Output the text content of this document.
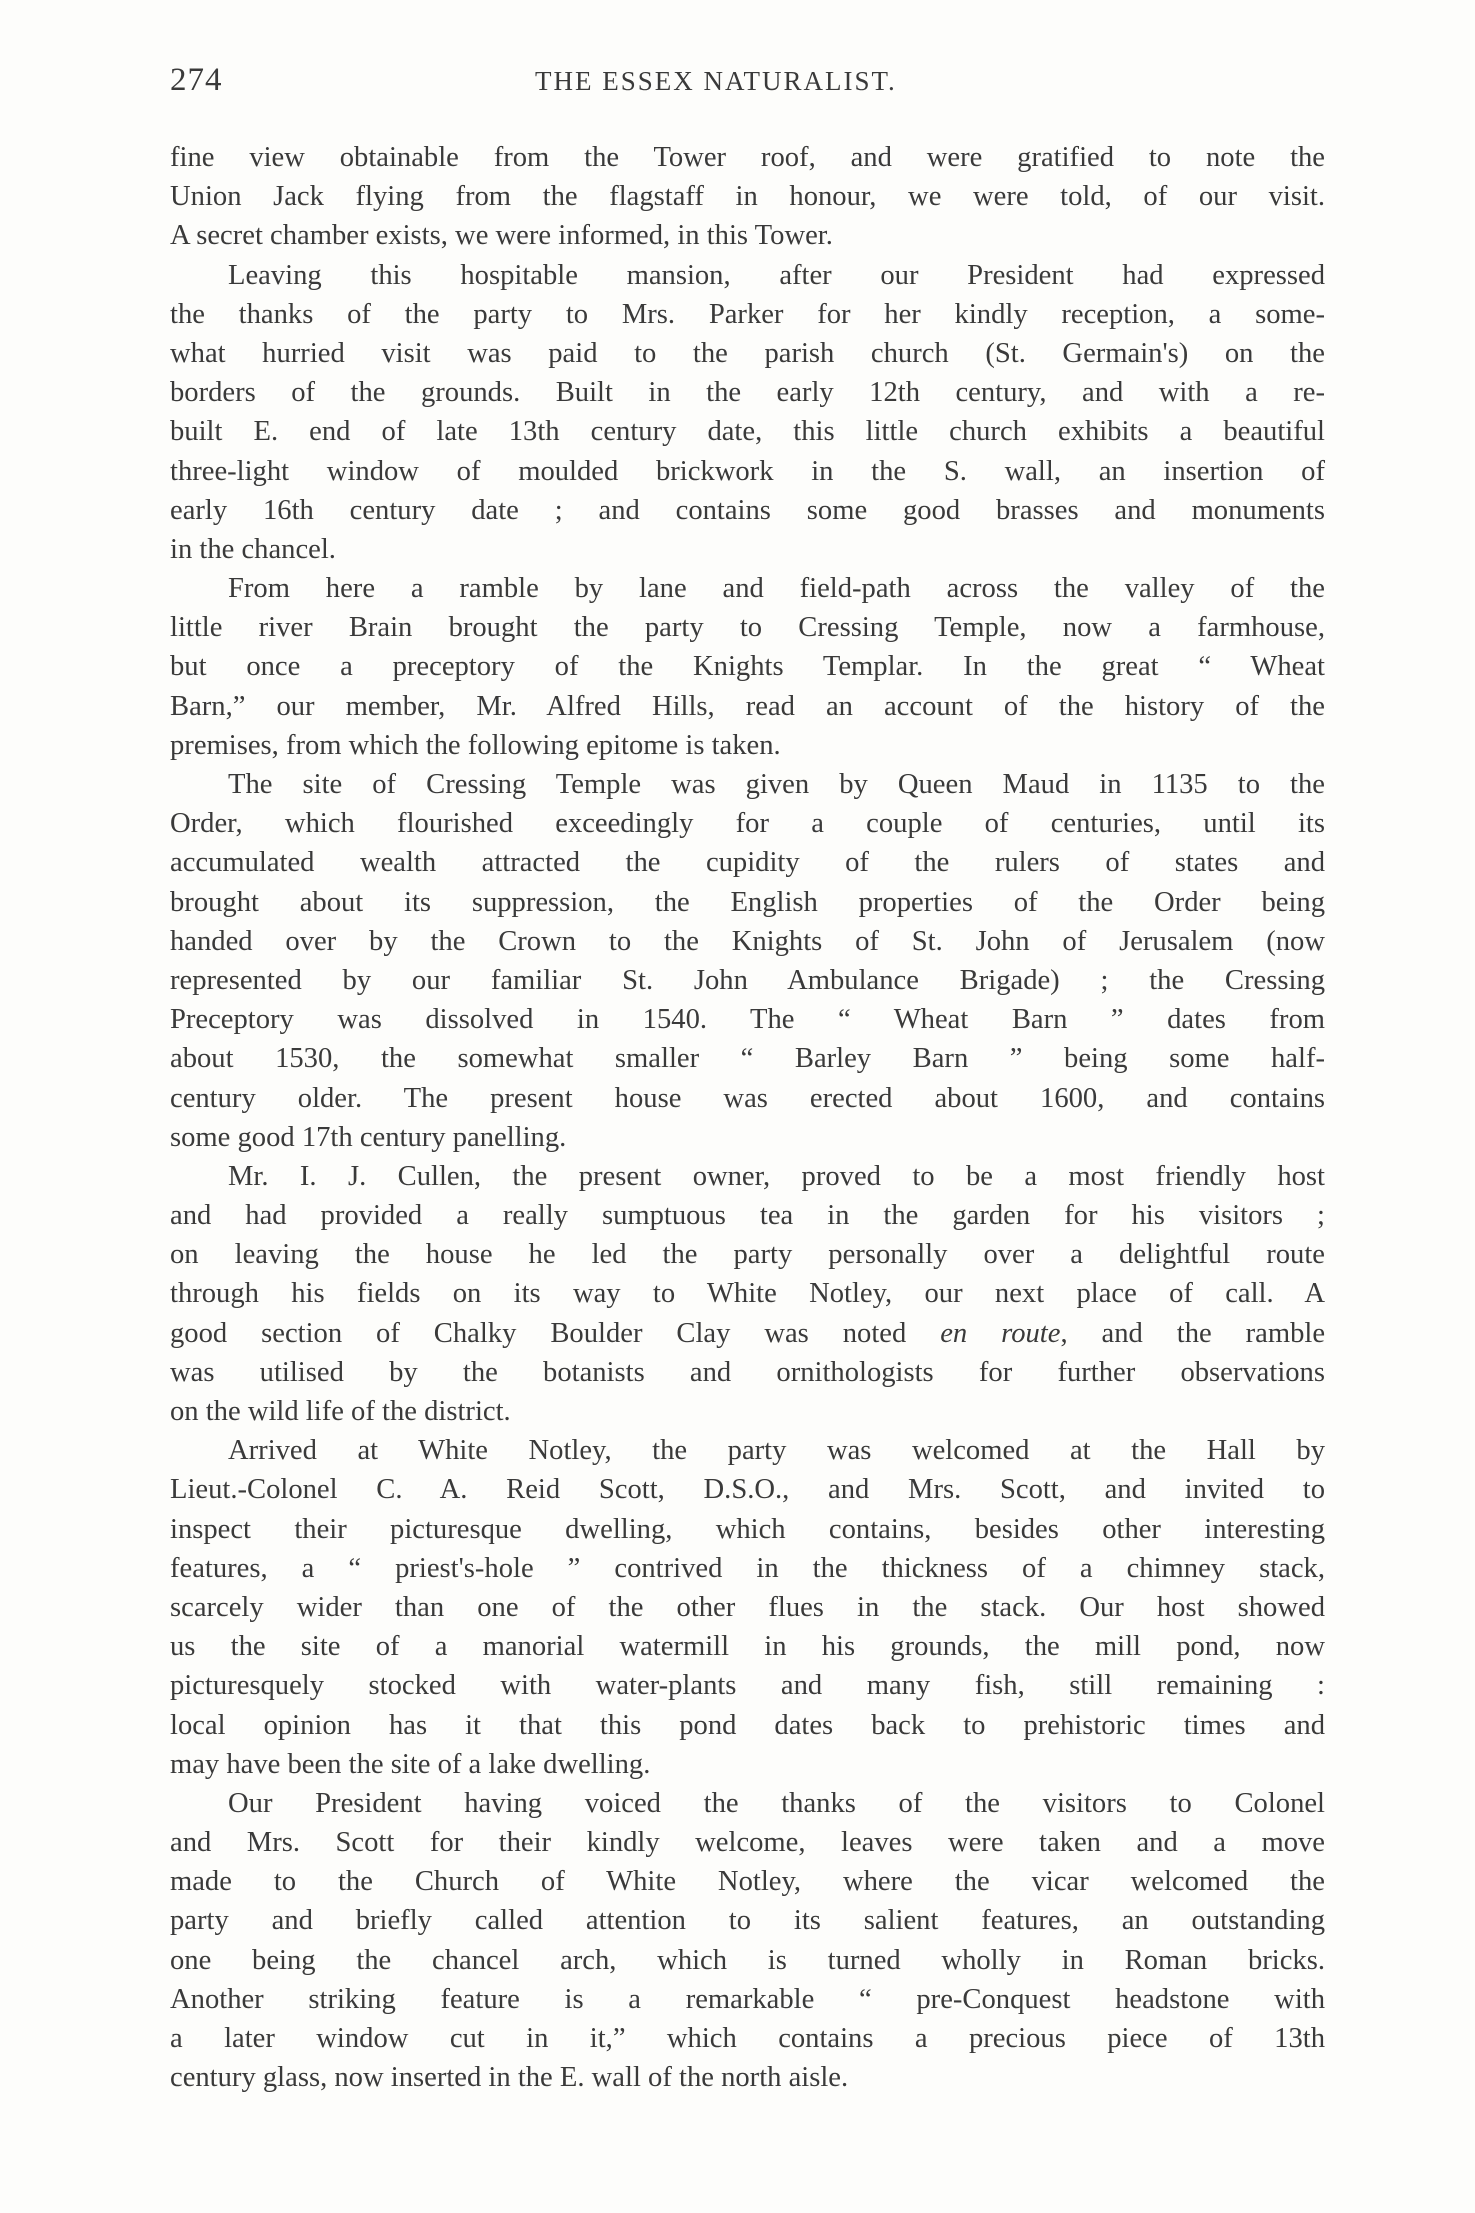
274	THE ESSEX NATURALIST.
fine view obtainable from the Tower roof, and were gratified to note the
Union Jack flying from the flagstaff in honour, we were told, of our visit.
A secret chamber exists, we were informed, in this Tower.
Leaving this hospitable mansion, after our President had expressed
the thanks of the party to Mrs. Parker for her kindly reception, a some-
what hurried visit was paid to the parish church (St. Germain's) on the
borders of the grounds. Built in the early 12th century, and with a re-
built E. end of late 13th century date, this little church exhibits a beautiful
three-light window of moulded brickwork in the S. wall, an insertion of
early 16th century date ; and contains some good brasses and monuments
in the chancel.
From here a ramble by lane and field-path across the valley of the
little river Brain brought the party to Cressing Temple, now a farmhouse,
but once a preceptory of the Knights Templar. In the great “ Wheat
Barn,” our member, Mr. Alfred Hills, read an account of the history of the
premises, from which the following epitome is taken.
The site of Cressing Temple was given by Queen Maud in 1135 to the
Order, which flourished exceedingly for a couple of centuries, until its
accumulated wealth attracted the cupidity of the rulers of states and
brought about its suppression, the English properties of the Order being
handed over by the Crown to the Knights of St. John of Jerusalem (now
represented by our familiar St. John Ambulance Brigade) ; the Cressing
Preceptory was dissolved in 1540. The “ Wheat Barn ” dates from
about 1530, the somewhat smaller “ Barley Barn ” being some half-
century older. The present house was erected about 1600, and contains
some good 17th century panelling.
Mr. I. J. Cullen, the present owner, proved to be a most friendly host
and had provided a really sumptuous tea in the garden for his visitors ;
on leaving the house he led the party personally over a delightful route
through his fields on its way to White Notley, our next place of call. A
good section of Chalky Boulder Clay was noted en route, and the ramble
was utilised by the botanists and ornithologists for further observations
on the wild life of the district.
Arrived at White Notley, the party was welcomed at the Hall by
Lieut.-Colonel C. A. Reid Scott, D.S.O., and Mrs. Scott, and invited to
inspect their picturesque dwelling, which contains, besides other interesting
features, a “ priest's-hole ” contrived in the thickness of a chimney stack,
scarcely wider than one of the other flues in the stack. Our host showed
us the site of a manorial watermill in his grounds, the mill pond, now
picturesquely stocked with water-plants and many fish, still remaining :
local opinion has it that this pond dates back to prehistoric times and
may have been the site of a lake dwelling.
Our President having voiced the thanks of the visitors to Colonel
and Mrs. Scott for their kindly welcome, leaves were taken and a move
made to the Church of White Notley, where the vicar welcomed the
party and briefly called attention to its salient features, an outstanding
one being the chancel arch, which is turned wholly in Roman bricks.
Another striking feature is a remarkable “ pre-Conquest headstone with
a later window cut in it,” which contains a precious piece of 13th
century glass, now inserted in the E. wall of the north aisle.
